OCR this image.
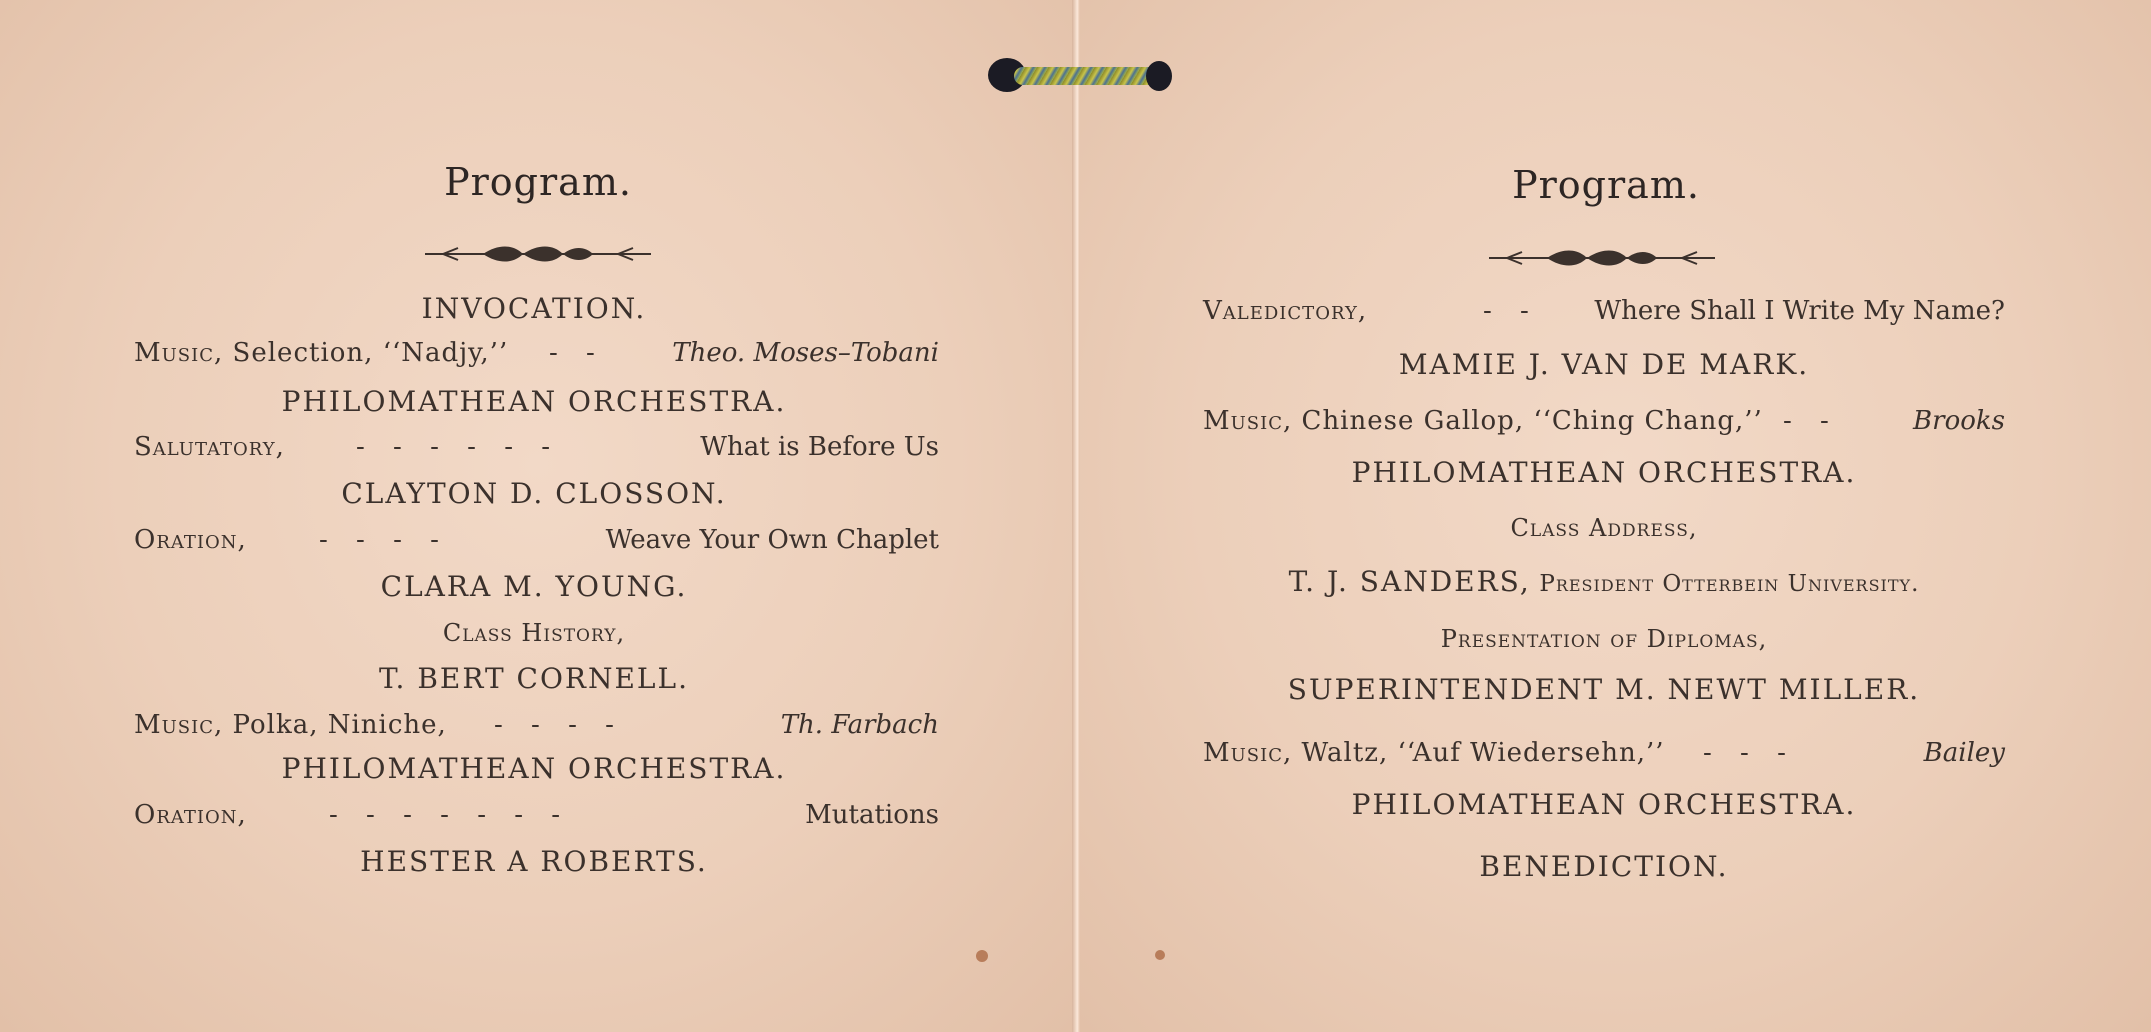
Program.
INVOCATION.
Music, Selection, ‘‘Nadjy,’’ - -	Theo. Moses–Tobani
PHILOMATHEAN ORCHESTRA.
Salutatory,	- - - - - -	What is Before Us
CLAYTON D. CLOSSON.
Oration,	- - - -	Weave Your Own Chaplet
CLARA M. YOUNG.
Class History,
T. BERT CORNELL.
Music, Polka, Niniche, - - - -	Th. Farbach
PHILOMATHEAN ORCHESTRA.
Oration,	- - - - - - -	Mutations
HESTER A ROBERTS.
Program.
Valedictory,	- - Where Shall I Write My Name?
MAMIE J. VAN DE MARK.
Music, Chinese Gallop, ‘‘Ching Chang,’’ - -	Brooks
PHILOMATHEAN ORCHESTRA.
Class Address,
T. J. SANDERS, President Otterbein University.
Presentation of Diplomas,
SUPERINTENDENT M. NEWT MILLER.
Music, Waltz, ‘‘Auf Wiedersehn,’’ - - -	Bailey
PHILOMATHEAN ORCHESTRA.
BENEDICTION.
